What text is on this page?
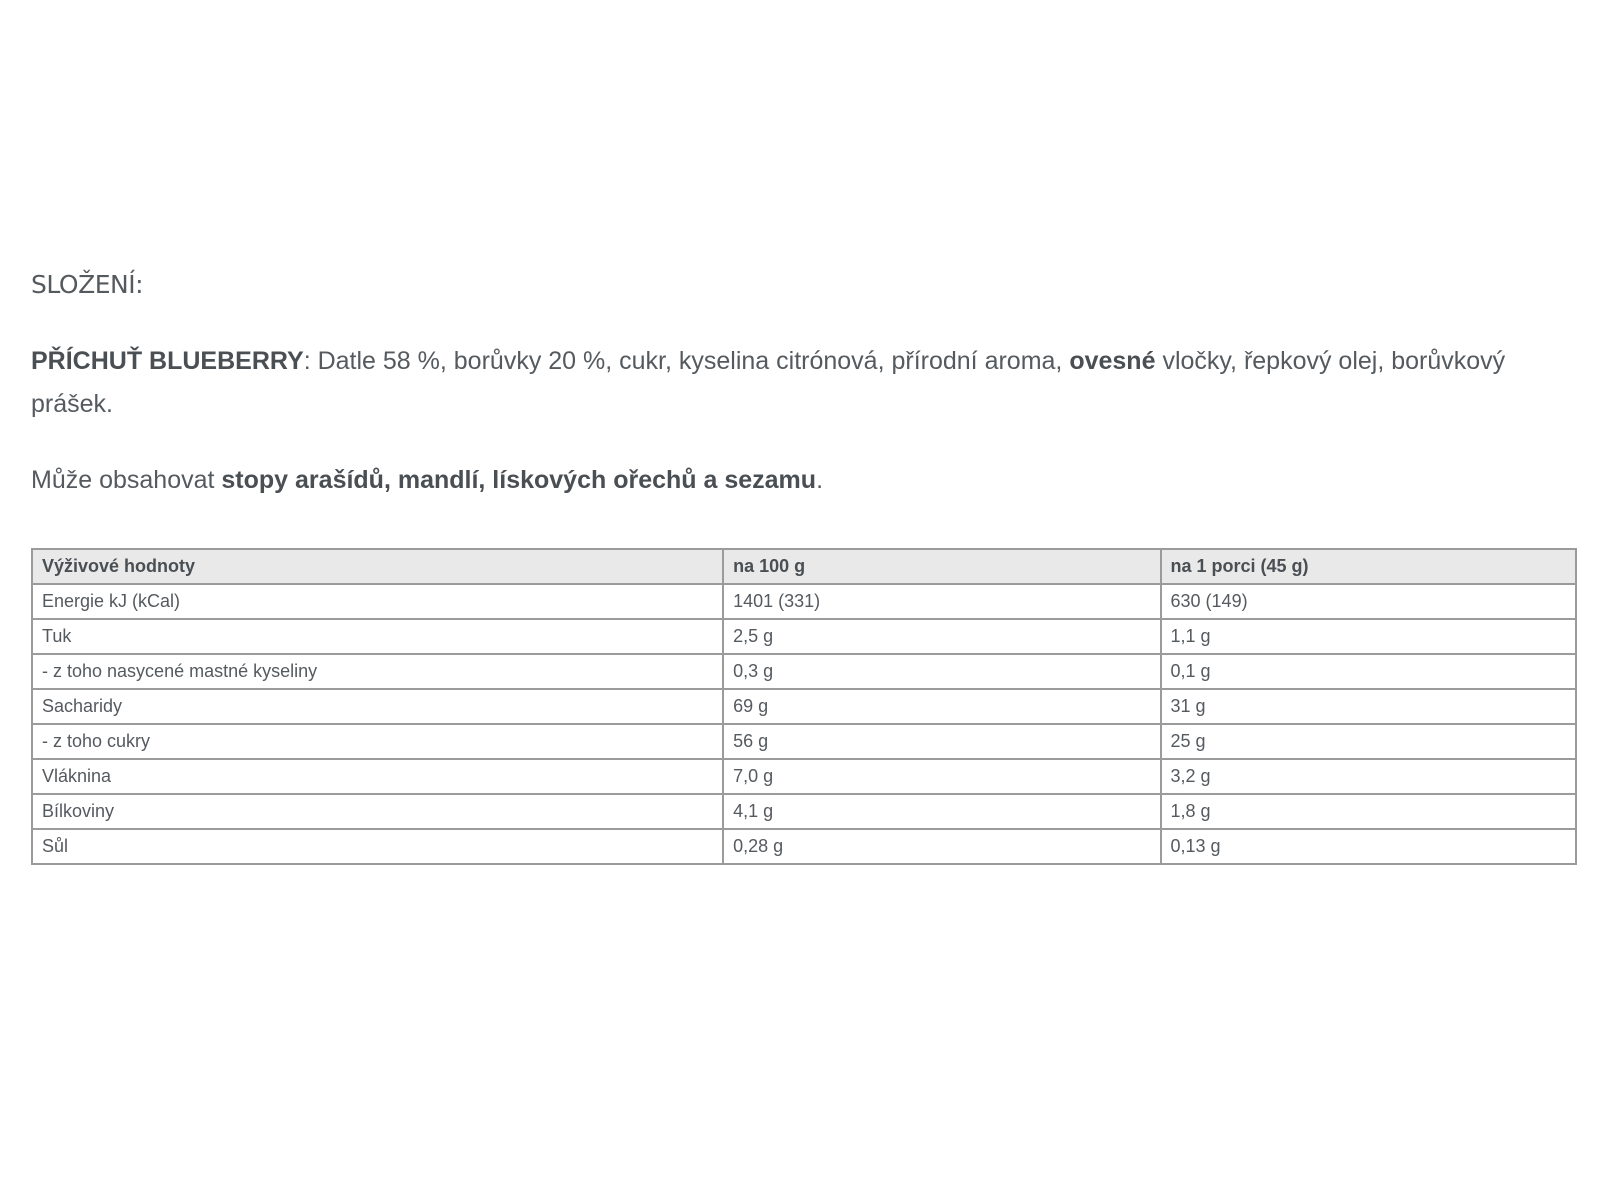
SLOŽENÍ:

PŘÍCHUŤ BLUEBERRY: Datle 58 %, borůvky 20 %, cukr, kyselina citrónová, přírodní aroma, ovesné vločky, řepkový olej, borůvkový prášek.

Může obsahovat stopy arašídů, mandlí, lískových ořechů a sezamu.

Výživové hodnoty	na 100 g	na 1 porci (45 g)
Energie kJ (kCal)	1401 (331)	630 (149)
Tuk	2,5 g	1,1 g
- z toho nasycené mastné kyseliny	0,3 g	0,1 g
Sacharidy	69 g	31 g
- z toho cukry	56 g	25 g
Vláknina	7,0 g	3,2 g
Bílkoviny	4,1 g	1,8 g
Sůl	0,28 g	0,13 g
